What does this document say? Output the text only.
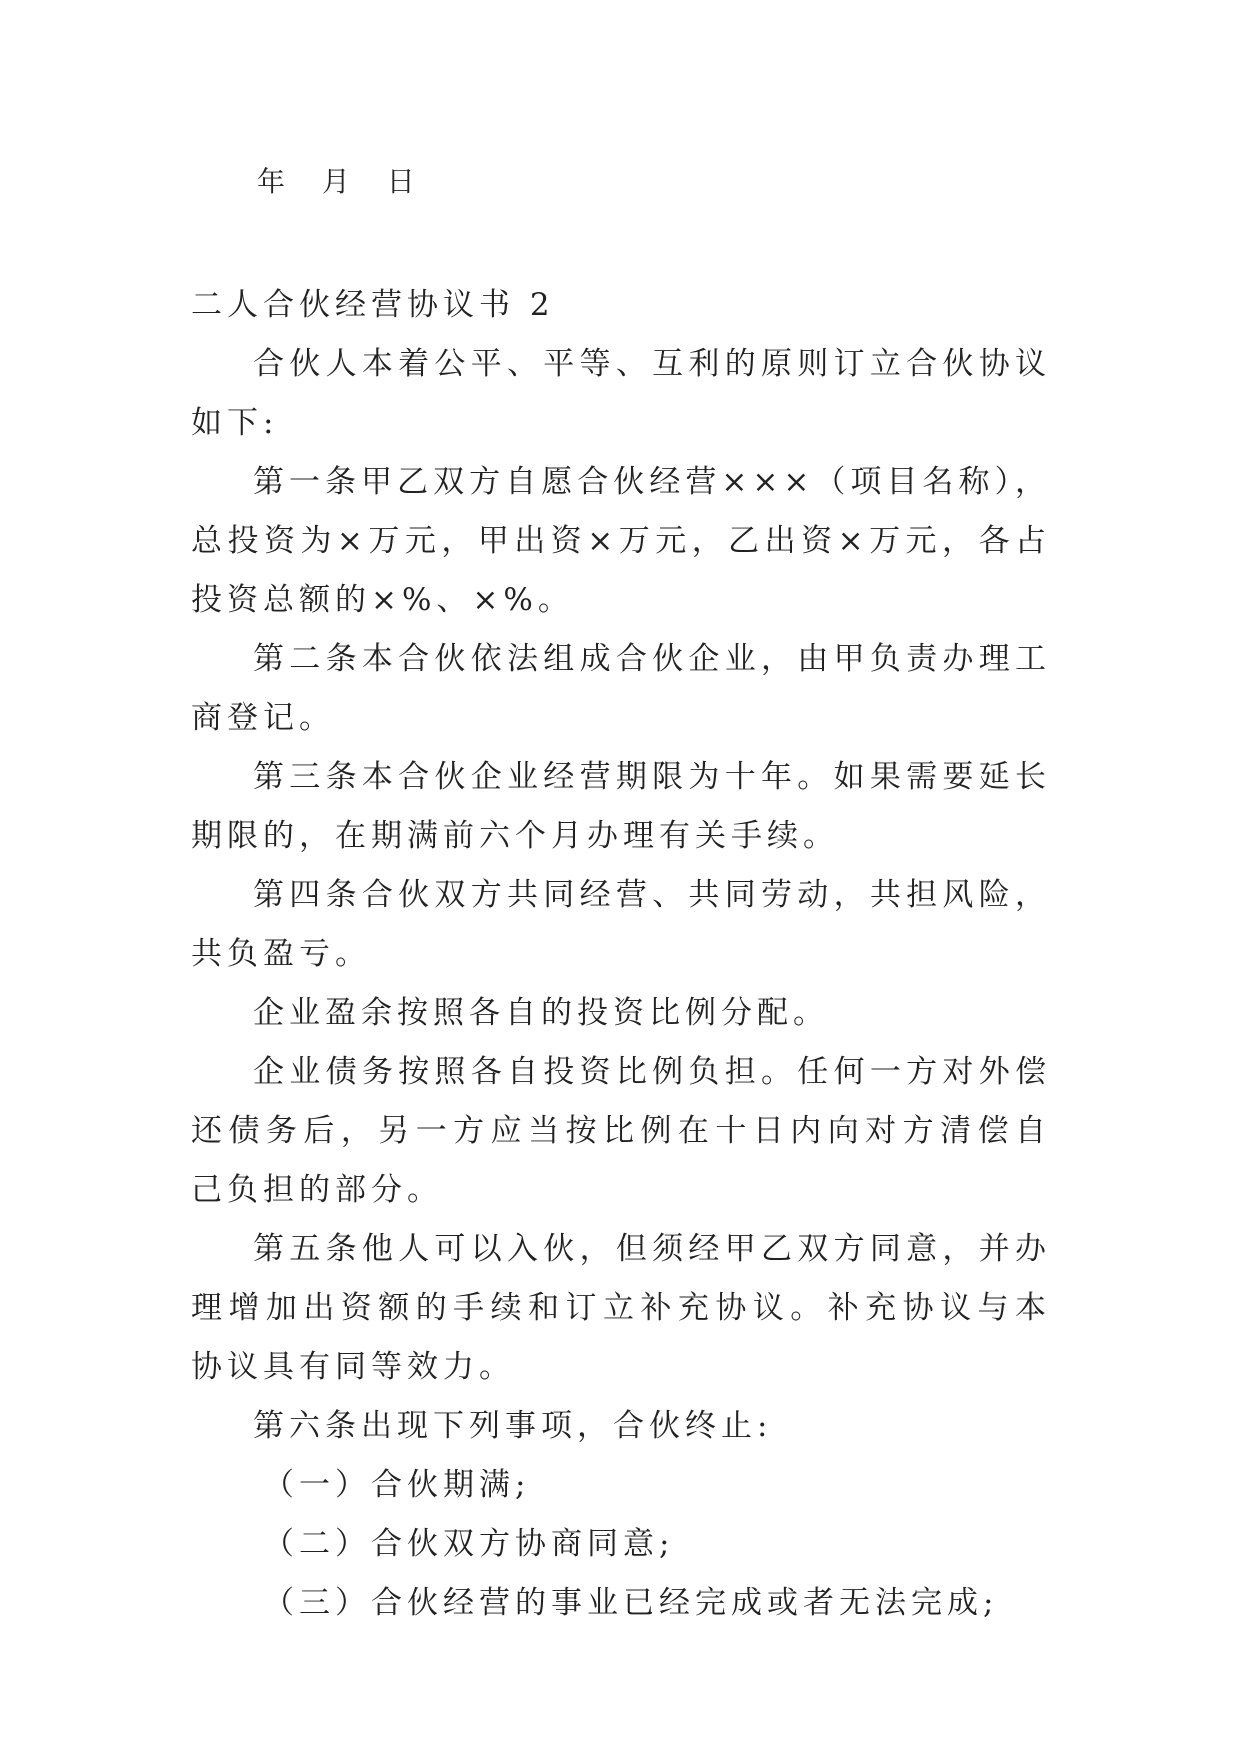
年 月 日

二人合伙经营协议书 2

合伙人本着公平、平等、互利的原则订立合伙协议如下:

第一条甲乙双方自愿合伙经营×××（项目名称），总投资为×万元，甲出资×万元，乙出资×万元，各占投资总额的×%、×%。

第二条本合伙依法组成合伙企业，由甲负责办理工商登记。

第三条本合伙企业经营期限为十年。如果需要延长期限的，在期满前六个月办理有关手续。

第四条合伙双方共同经营、共同劳动，共担风险，共负盈亏。

企业盈余按照各自的投资比例分配。

企业债务按照各自投资比例负担。任何一方对外偿还债务后，另一方应当按比例在十日内向对方清偿自己负担的部分。

第五条他人可以入伙，但须经甲乙双方同意，并办理增加出资额的手续和订立补充协议。补充协议与本协议具有同等效力。

第六条出现下列事项，合伙终止:

（一）合伙期满;

（二）合伙双方协商同意;

（三）合伙经营的事业已经完成或者无法完成;
